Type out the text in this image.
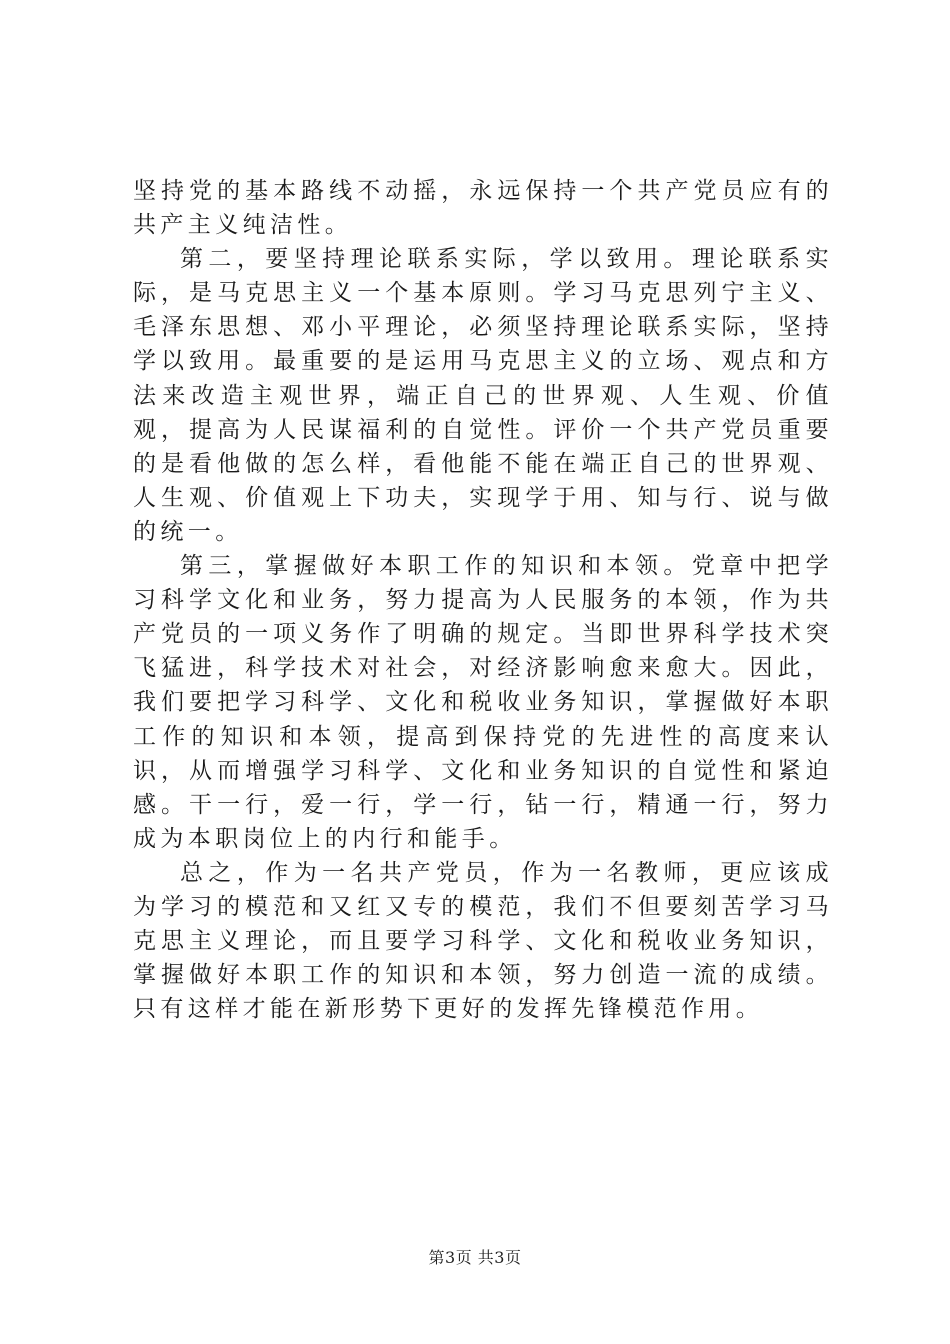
坚持党的基本路线不动摇，永远保持一个共产党员应有的共产主义纯洁性。

第二，要坚持理论联系实际，学以致用。理论联系实际，是马克思主义一个基本原则。学习马克思列宁主义、毛泽东思想、邓小平理论，必须坚持理论联系实际，坚持学以致用。最重要的是运用马克思主义的立场、观点和方法来改造主观世界，端正自己的世界观、人生观、价值观，提高为人民谋福利的自觉性。评价一个共产党员重要的是看他做的怎么样，看他能不能在端正自己的世界观、人生观、价值观上下功夫，实现学于用、知与行、说与做的统一。

第三，掌握做好本职工作的知识和本领。党章中把学习科学文化和业务，努力提高为人民服务的本领，作为共产党员的一项义务作了明确的规定。当即世界科学技术突飞猛进，科学技术对社会，对经济影响愈来愈大。因此，我们要把学习科学、文化和税收业务知识，掌握做好本职工作的知识和本领，提高到保持党的先进性的高度来认识，从而增强学习科学、文化和业务知识的自觉性和紧迫感。干一行，爱一行，学一行，钻一行，精通一行，努力成为本职岗位上的内行和能手。

总之，作为一名共产党员，作为一名教师，更应该成为学习的模范和又红又专的模范，我们不但要刻苦学习马克思主义理论，而且要学习科学、文化和税收业务知识，掌握做好本职工作的知识和本领，努力创造一流的成绩。只有这样才能在新形势下更好的发挥先锋模范作用。

第3页 共3页
